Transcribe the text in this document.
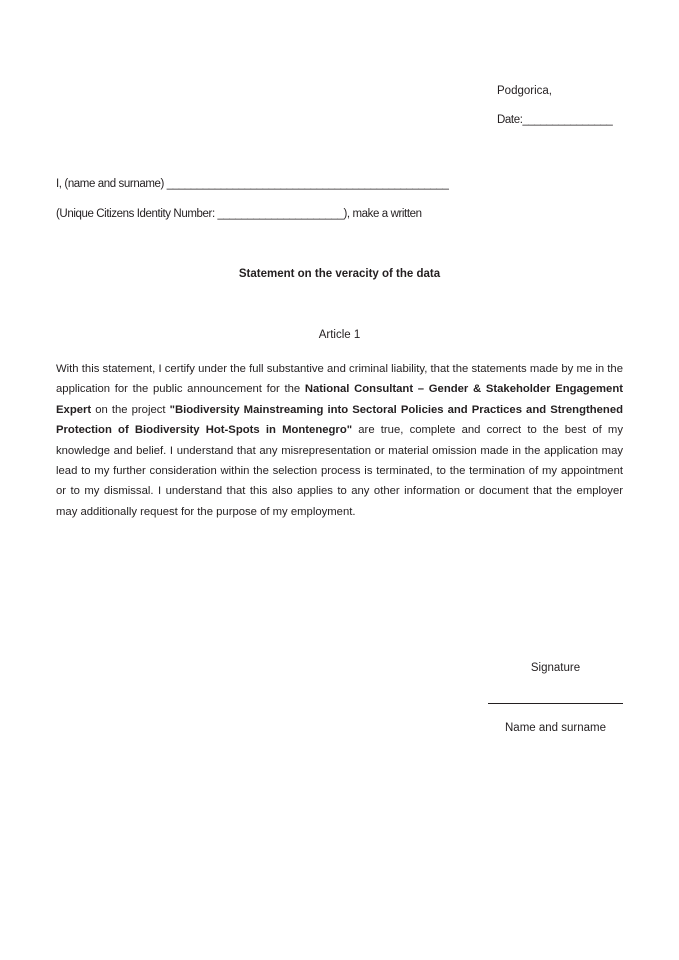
Podgorica,
Date:_______________
I, (name and surname) _______________________________________________
(Unique Citizens Identity Number: _____________________), make a written
Statement on the veracity of the data
Article 1

With this statement, I certify under the full substantive and criminal liability, that the statements made by me in the application for the public announcement for the National Consultant – Gender & Stakeholder Engagement Expert on the project "Biodiversity Mainstreaming into Sectoral Policies and Practices and Strengthened Protection of Biodiversity Hot-Spots in Montenegro" are true, complete and correct to the best of my knowledge and belief. I understand that any misrepresentation or material omission made in the application may lead to my further consideration within the selection process is terminated, to the termination of my appointment or to my dismissal. I understand that this also applies to any other information or document that the employer may additionally request for the purpose of my employment.

Signature
Name and surname
